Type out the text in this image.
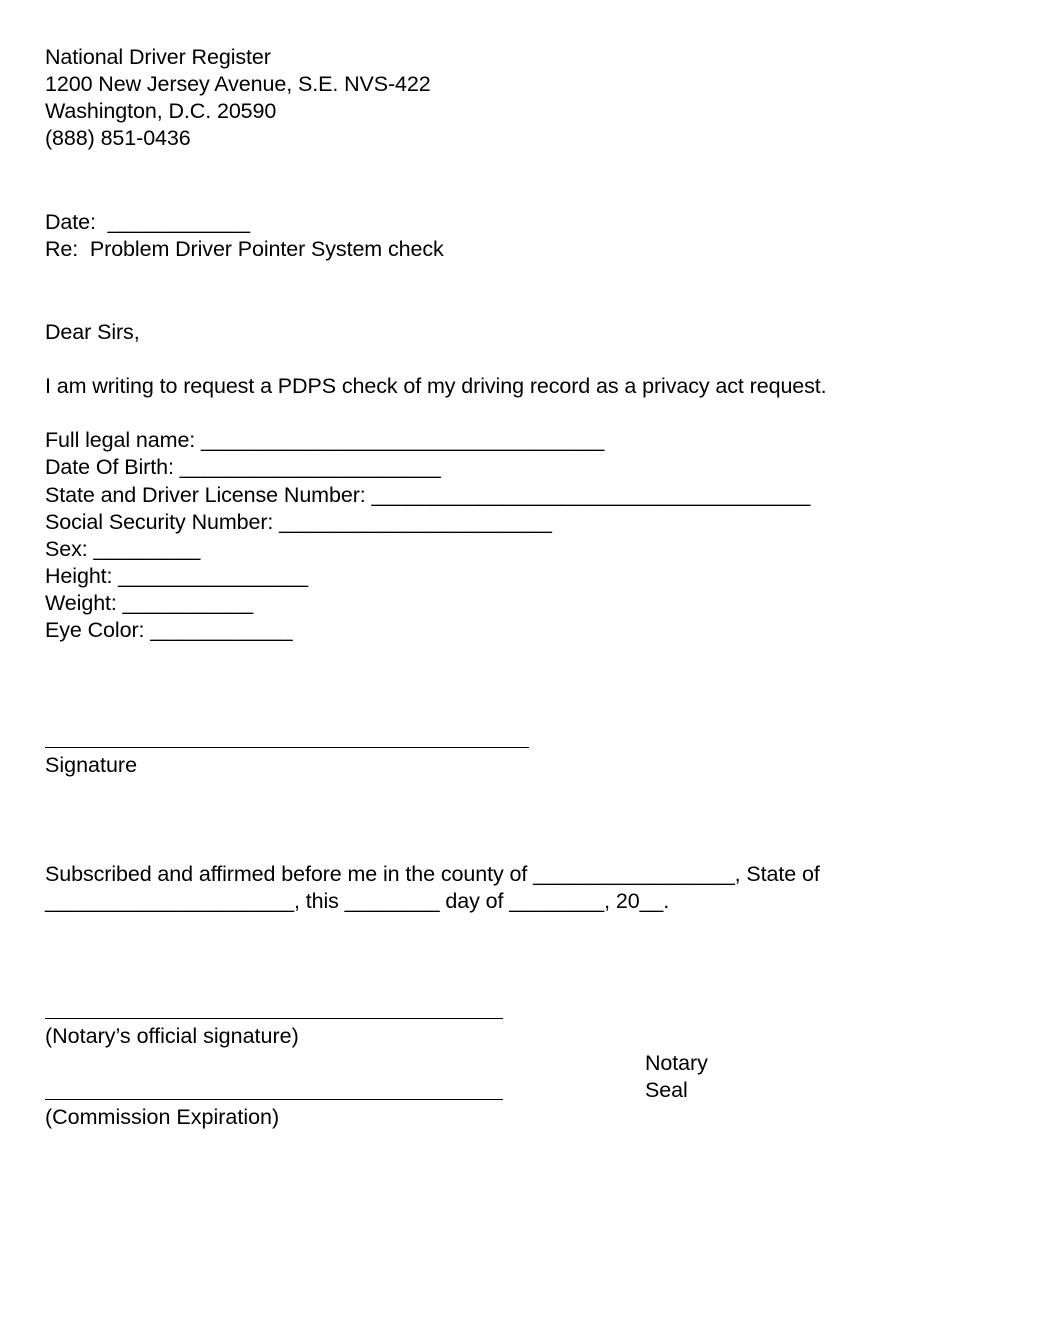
National Driver Register
1200 New Jersey Avenue, S.E. NVS-422
Washington, D.C. 20590
(888) 851-0436
Date:  ____________
Re:  Problem Driver Pointer System check
Dear Sirs,
I am writing to request a PDPS check of my driving record as a privacy act request.
Full legal name: __________________________________
Date Of Birth: ______________________
State and Driver License Number: _____________________________________
Social Security Number: _______________________
Sex: _________
Height: ________________
Weight: ___________
Eye Color: ____________
Signature
Subscribed and affirmed before me in the county of _________________, State of
_____________________, this ________ day of ________, 20__.
(Notary’s official signature)
Notary
Seal
(Commission Expiration)
